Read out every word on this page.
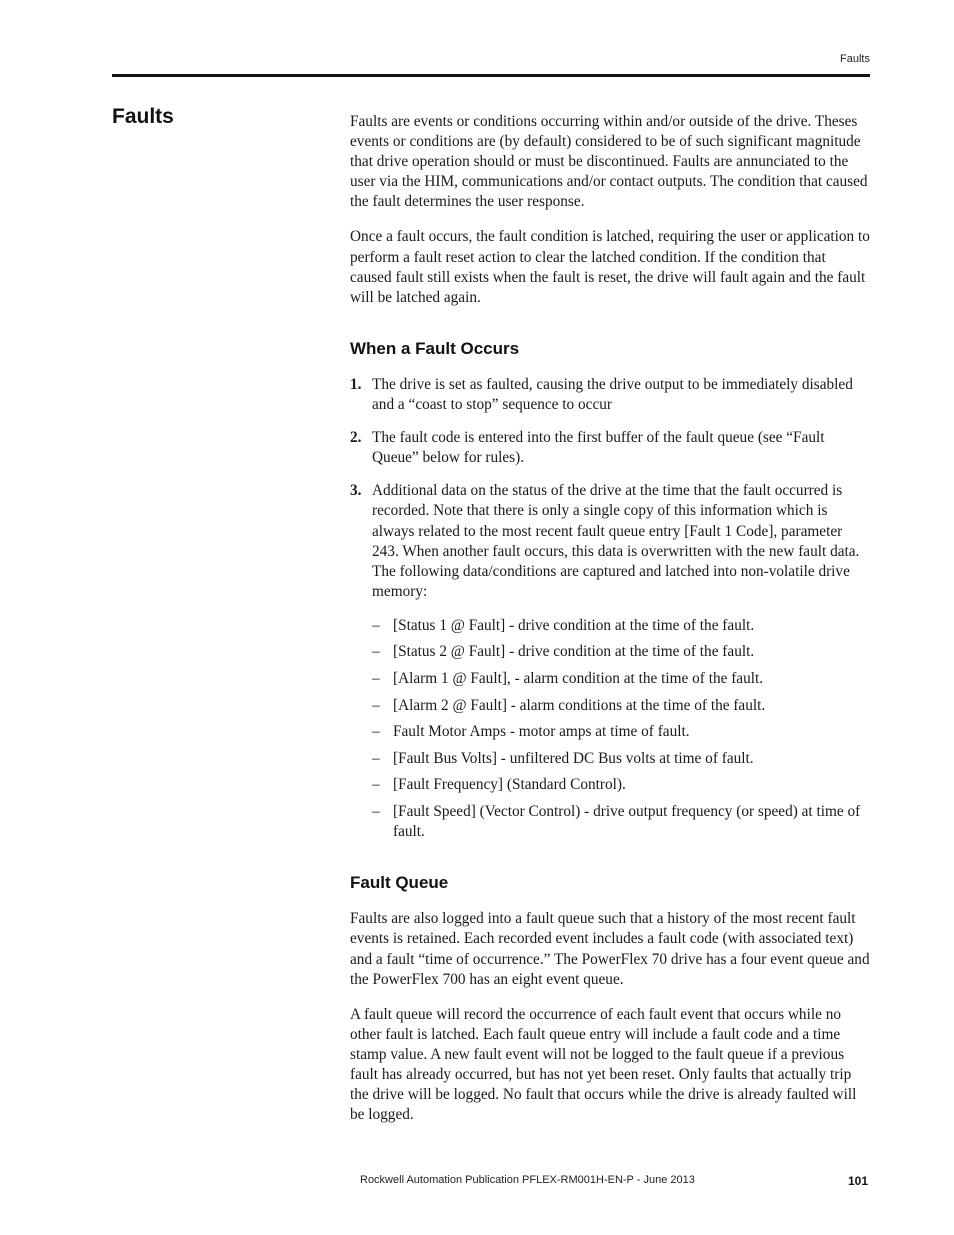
Faults
Faults	Faults are events or conditions occurring within and/or outside of the drive. Theses events or conditions are (by default) considered to be of such significant magnitude that drive operation should or must be discontinued. Faults are annunciated to the user via the HIM, communications and/or contact outputs. The condition that caused the fault determines the user response.

Once a fault occurs, the fault condition is latched, requiring the user or application to perform a fault reset action to clear the latched condition. If the condition that caused fault still exists when the fault is reset, the drive will fault again and the fault will be latched again.

When a Fault Occurs
1. The drive is set as faulted, causing the drive output to be immediately disabled and a “coast to stop” sequence to occur
2. The fault code is entered into the first buffer of the fault queue (see “Fault Queue” below for rules).
3. Additional data on the status of the drive at the time that the fault occurred is recorded. Note that there is only a single copy of this information which is always related to the most recent fault queue entry [Fault 1 Code], parameter 243. When another fault occurs, this data is overwritten with the new fault data. The following data/conditions are captured and latched into non-volatile drive memory:
– [Status 1 @ Fault] - drive condition at the time of the fault.
– [Status 2 @ Fault] - drive condition at the time of the fault.
– [Alarm 1 @ Fault], - alarm condition at the time of the fault.
– [Alarm 2 @ Fault] - alarm conditions at the time of the fault.
– Fault Motor Amps - motor amps at time of fault.
– [Fault Bus Volts] - unfiltered DC Bus volts at time of fault.
– [Fault Frequency] (Standard Control).
– [Fault Speed] (Vector Control) - drive output frequency (or speed) at time of fault.
Fault Queue

Faults are also logged into a fault queue such that a history of the most recent fault events is retained. Each recorded event includes a fault code (with associated text) and a fault “time of occurrence.” The PowerFlex 70 drive has a four event queue and the PowerFlex 700 has an eight event queue.

A fault queue will record the occurrence of each fault event that occurs while no other fault is latched. Each fault queue entry will include a fault code and a time stamp value. A new fault event will not be logged to the fault queue if a previous fault has already occurred, but has not yet been reset. Only faults that actually trip the drive will be logged. No fault that occurs while the drive is already faulted will be logged.

Rockwell Automation Publication PFLEX-RM001H-EN-P - June 2013	101
